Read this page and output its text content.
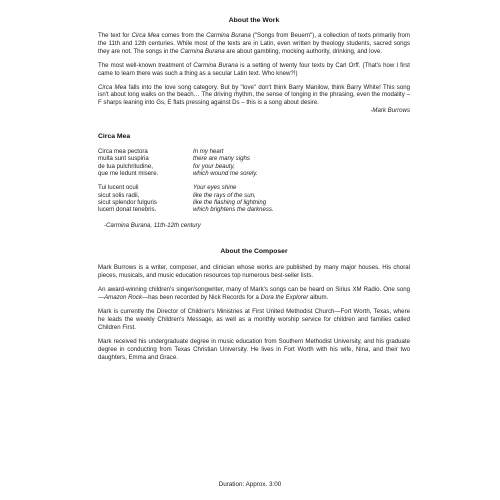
About the Work

The text for Circa Mea comes from the Carmina Burana ("Songs from Beuern"), a collection of texts primarily from the 11th and 12th centuries. While most of the texts are in Latin, even written by theology students, sacred songs they are not. The songs in the Carmina Burana are about gambling, mocking authority, drinking, and love.

The most well-known treatment of Carmina Burana is a setting of twenty four texts by Carl Orff. (That's how I first came to learn there was such a thing as a secular Latin text. Who knew?!)

Circa Mea falls into the love song category. But by "love" don't think Barry Manilow, think Barry White! This song isn't about long walks on the beach… The driving rhythm, the sense of longing in the phrasing, even the modality – F sharps leaning into Gs, E flats pressing against Ds – this is a song about desire.

-Mark Burrows

Circa Mea
Circa mea pectora
multa sunt suspiria
de tua pulchritudine,
que me ledunt misere.
In my heart
there are many sighs
for your beauty,
which wound me sorely.
Tui lucent oculi
sicut solis radii,
sicut splendor fulguris
lucem donat tenebris.
Your eyes shine
like the rays of the sun,
like the flashing of lightning
which brightens the darkness.

-Carmina Burana, 11th-12th century

About the Composer

Mark Burrows is a writer, composer, and clinician whose works are published by many major houses. His choral pieces, musicals, and music education resources top numerous best-seller lists.

An award-winning children's singer/songwriter, many of Mark's songs can be heard on Sirius XM Radio. One song—Amazon Rock—has been recorded by Nick Records for a Dora the Explorer album.

Mark is currently the Director of Children's Ministries at First United Methodist Church—Fort Worth, Texas, where he leads the weekly Children's Message, as well as a monthly worship service for children and families called Children First.

Mark received his undergraduate degree in music education from Southern Methodist University, and his graduate degree in conducting from Texas Christian University. He lives in Fort Worth with his wife, Nina, and their two daughters, Emma and Grace.

Duration: Approx. 3:00
